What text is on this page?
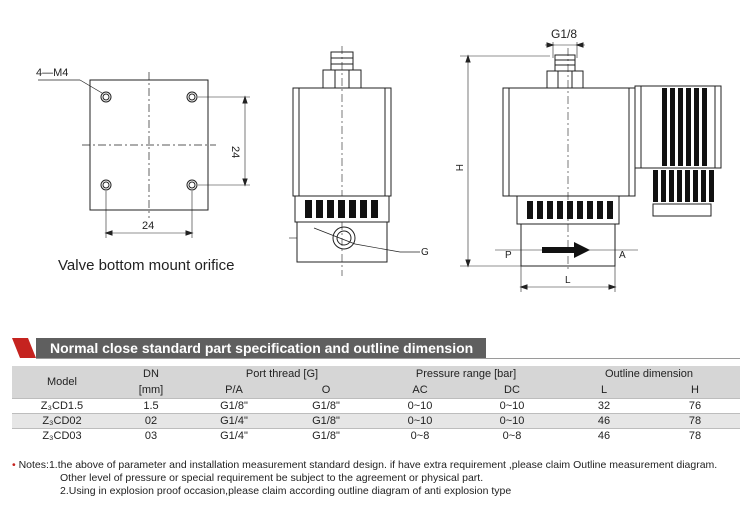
4—M4
24
24
G
G1/8
H
L
P	A
Valve bottom mount orifice
Normal close standard part specification and outline dimension
Model	DN	Port thread [G]		Pressure range [bar]		Outline dimension	
	[mm]	P/A	O	AC	DC	L	H
Z₃CD1.5	1.5	G1/8"	G1/8"	0~10	0~10	32	76
Z₃CD02	02	G1/4"	G1/8"	0~10	0~10	46	78
Z₃CD03	03	G1/4"	G1/8"	0~8	0~8	46	78
• Notes:1.the above of parameter and installation measurement standard design. if have extra requirement ,please claim Outline measurement diagram.
Other level of pressure or special requirement be subject to the agreement or physical part.
2.Using in explosion proof occasion,please claim according outline diagram of anti explosion type
